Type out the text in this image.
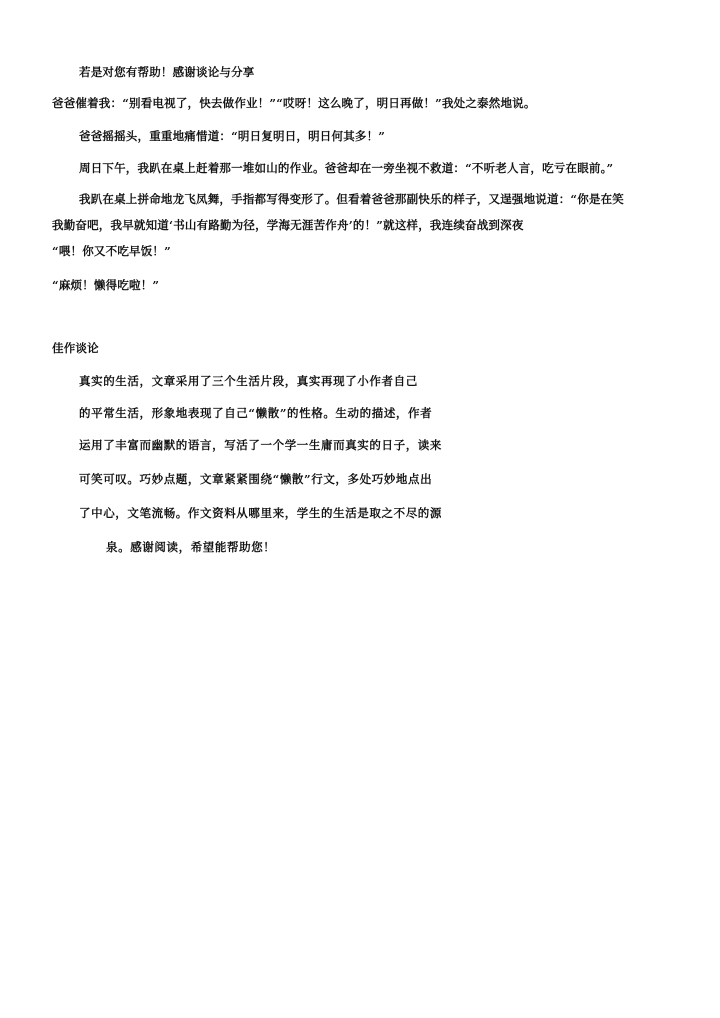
若是对您有帮助！感谢谈论与分享

爸爸催着我：“别看电视了，快去做作业！”“哎呀！这么晚了，明日再做！”我处之泰然地说。

爸爸摇摇头，重重地痛惜道：“明日复明日，明日何其多！”

周日下午，我趴在桌上赶着那一堆如山的作业。爸爸却在一旁坐视不救道：“不听老人言，吃亏在眼前。”

我趴在桌上拼命地龙飞凤舞，手指都写得变形了。但看着爸爸那副快乐的样子，又逞强地说道：“你是在笑我勤奋吧，我早就知道‘书山有路勤为径，学海无涯苦作舟’的！”就这样，我连续奋战到深夜

“喂！你又不吃早饭！”

“麻烦！懒得吃啦！”

佳作谈论

真实的生活，文章采用了三个生活片段，真实再现了小作者自己

的平常生活，形象地表现了自己“懒散”的性格。生动的描述，作者

运用了丰富而幽默的语言，写活了一个学一生庸而真实的日子，读来

可笑可叹。巧妙点题，文章紧紧围绕“懒散”行文，多处巧妙地点出

了中心，文笔流畅。作文资料从哪里来，学生的生活是取之不尽的源

泉。感谢阅读，希望能帮助您！
